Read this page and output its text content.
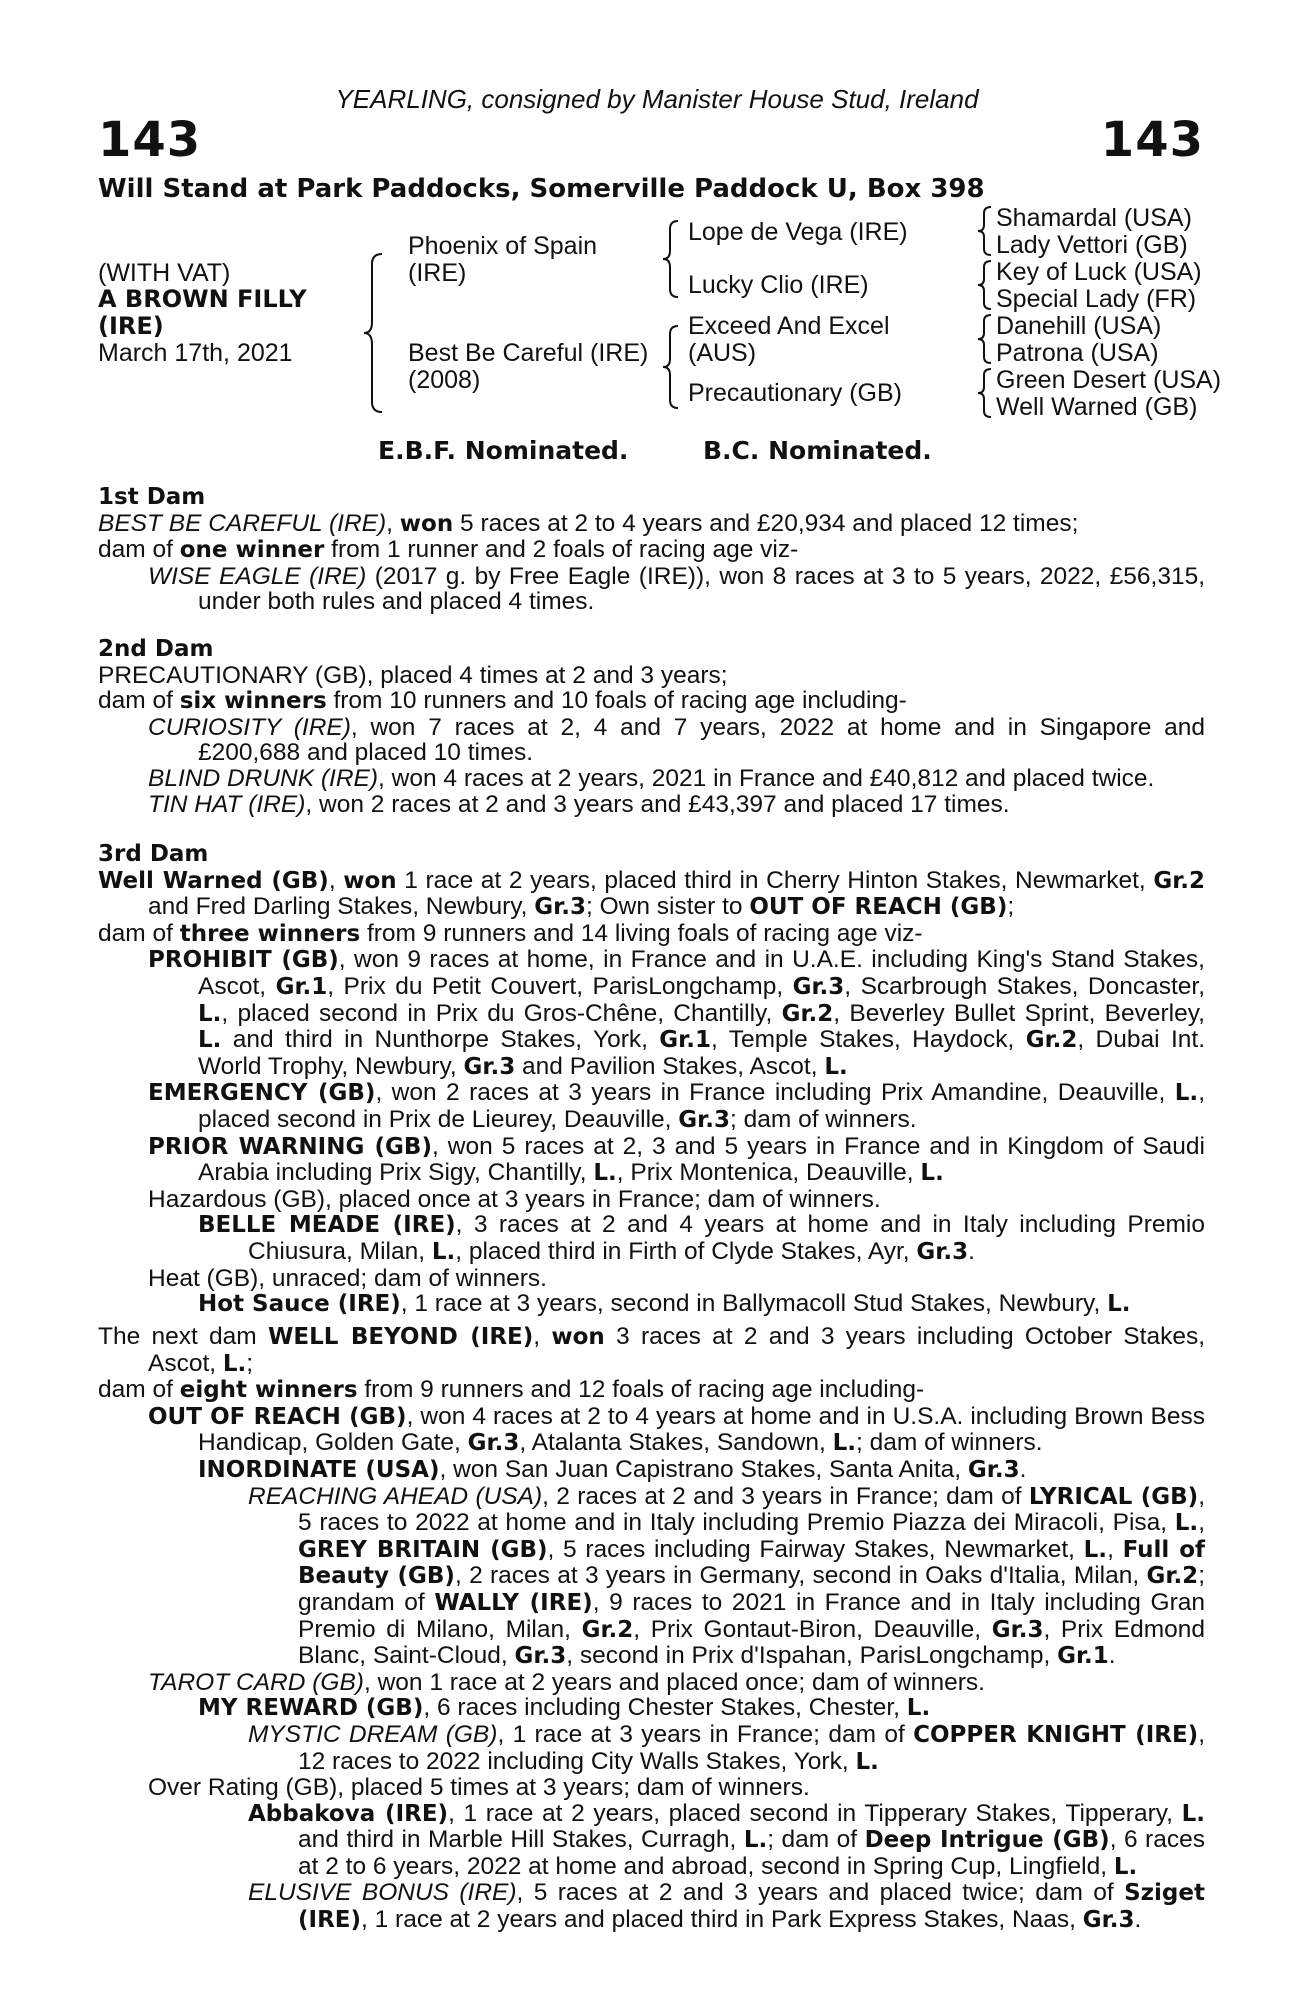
YEARLING, consigned by Manister House Stud, Ireland
143	143
Will Stand at Park Paddocks, Somerville Paddock U, Box 398
(WITH VAT)
A BROWN FILLY
(IRE)
March 17th, 2021
Phoenix of Spain
(IRE)
Best Be Careful (IRE)
(2008)
Lope de Vega (IRE)
Lucky Clio (IRE)
Exceed And Excel
(AUS)
Precautionary (GB)
Shamardal (USA)
Lady Vettori (GB)
Key of Luck (USA)
Special Lady (FR)
Danehill (USA)
Patrona (USA)
Green Desert (USA)
Well Warned (GB)
E.B.F. Nominated.	B.C. Nominated.

1st Dam

BEST BE CAREFUL (IRE), won 5 races at 2 to 4 years and £20,934 and placed 12 times;

dam of one winner from 1 runner and 2 foals of racing age viz-

WISE EAGLE (IRE) (2017 g. by Free Eagle (IRE)), won 8 races at 3 to 5 years, 2022, £56,315, under both rules and placed 4 times.

2nd Dam

PRECAUTIONARY (GB), placed 4 times at 2 and 3 years;

dam of six winners from 10 runners and 10 foals of racing age including-

CURIOSITY (IRE), won 7 races at 2, 4 and 7 years, 2022 at home and in Singapore and £200,688 and placed 10 times.

BLIND DRUNK (IRE), won 4 races at 2 years, 2021 in France and £40,812 and placed twice.

TIN HAT (IRE), won 2 races at 2 and 3 years and £43,397 and placed 17 times.

3rd Dam

Well Warned (GB), won 1 race at 2 years, placed third in Cherry Hinton Stakes, Newmarket, Gr.2 and Fred Darling Stakes, Newbury, Gr.3; Own sister to OUT OF REACH (GB);

dam of three winners from 9 runners and 14 living foals of racing age viz-

PROHIBIT (GB), won 9 races at home, in France and in U.A.E. including King's Stand Stakes, Ascot, Gr.1, Prix du Petit Couvert, ParisLongchamp, Gr.3, Scarbrough Stakes, Doncaster, L., placed second in Prix du Gros-Chêne, Chantilly, Gr.2, Beverley Bullet Sprint, Beverley, L. and third in Nunthorpe Stakes, York, Gr.1, Temple Stakes, Haydock, Gr.2, Dubai Int. World Trophy, Newbury, Gr.3 and Pavilion Stakes, Ascot, L.

EMERGENCY (GB), won 2 races at 3 years in France including Prix Amandine, Deauville, L., placed second in Prix de Lieurey, Deauville, Gr.3; dam of winners.

PRIOR WARNING (GB), won 5 races at 2, 3 and 5 years in France and in Kingdom of Saudi Arabia including Prix Sigy, Chantilly, L., Prix Montenica, Deauville, L.

Hazardous (GB), placed once at 3 years in France; dam of winners.

BELLE MEADE (IRE), 3 races at 2 and 4 years at home and in Italy including Premio Chiusura, Milan, L., placed third in Firth of Clyde Stakes, Ayr, Gr.3.

Heat (GB), unraced; dam of winners.

Hot Sauce (IRE), 1 race at 3 years, second in Ballymacoll Stud Stakes, Newbury, L.

The next dam WELL BEYOND (IRE), won 3 races at 2 and 3 years including October Stakes, Ascot, L.;

dam of eight winners from 9 runners and 12 foals of racing age including-

OUT OF REACH (GB), won 4 races at 2 to 4 years at home and in U.S.A. including Brown Bess Handicap, Golden Gate, Gr.3, Atalanta Stakes, Sandown, L.; dam of winners.

INORDINATE (USA), won San Juan Capistrano Stakes, Santa Anita, Gr.3.

REACHING AHEAD (USA), 2 races at 2 and 3 years in France; dam of LYRICAL (GB), 5 races to 2022 at home and in Italy including Premio Piazza dei Miracoli, Pisa, L., GREY BRITAIN (GB), 5 races including Fairway Stakes, Newmarket, L., Full of Beauty (GB), 2 races at 3 years in Germany, second in Oaks d'Italia, Milan, Gr.2; grandam of WALLY (IRE), 9 races to 2021 in France and in Italy including Gran Premio di Milano, Milan, Gr.2, Prix Gontaut-Biron, Deauville, Gr.3, Prix Edmond Blanc, Saint-Cloud, Gr.3, second in Prix d'Ispahan, ParisLongchamp, Gr.1.

TAROT CARD (GB), won 1 race at 2 years and placed once; dam of winners.

MY REWARD (GB), 6 races including Chester Stakes, Chester, L.

MYSTIC DREAM (GB), 1 race at 3 years in France; dam of COPPER KNIGHT (IRE), 12 races to 2022 including City Walls Stakes, York, L.

Over Rating (GB), placed 5 times at 3 years; dam of winners.

Abbakova (IRE), 1 race at 2 years, placed second in Tipperary Stakes, Tipperary, L. and third in Marble Hill Stakes, Curragh, L.; dam of Deep Intrigue (GB), 6 races at 2 to 6 years, 2022 at home and abroad, second in Spring Cup, Lingfield, L.

ELUSIVE BONUS (IRE), 5 races at 2 and 3 years and placed twice; dam of Sziget (IRE), 1 race at 2 years and placed third in Park Express Stakes, Naas, Gr.3.
